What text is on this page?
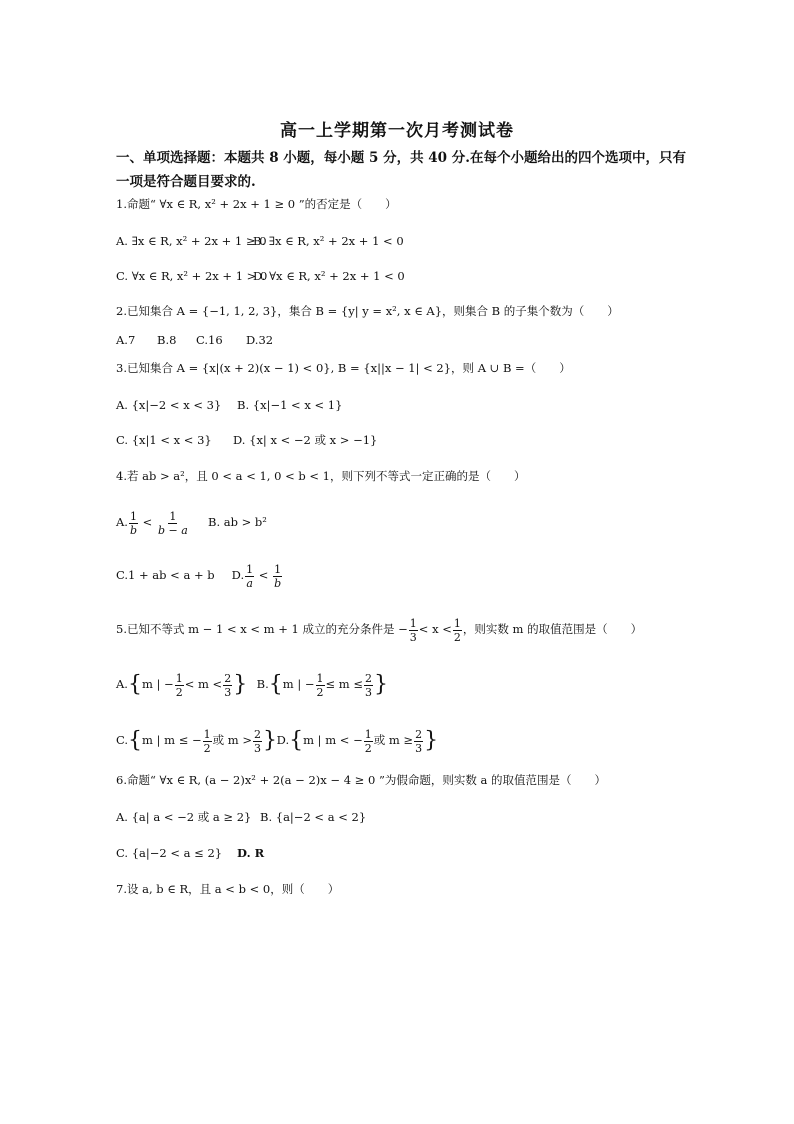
高一上学期第一次月考测试卷
一、单项选择题：本题共 8 小题，每小题 5 分，共 40 分.在每个小题给出的四个选项中，只有
一项是符合题目要求的.
1.命题“ ∀x ∈ R, x² + 2x + 1 ≥ 0 ”的否定是（　　）
A. ∃x ∈ R, x² + 2x + 1 ≥ 0B. ∃x ∈ R, x² + 2x + 1 < 0
C. ∀x ∈ R, x² + 2x + 1 > 0D. ∀x ∈ R, x² + 2x + 1 < 0
2.已知集合 A = {−1, 1, 2, 3}，集合 B = {y| y = x², x ∈ A}，则集合 B 的子集个数为（　　）
A.7 B.8 C.16 D.32
3.已知集合 A = {x|(x + 2)(x − 1) < 0}, B = {x||x − 1| < 2}，则 A ∪ B =（　　）
A. {x|−2 < x < 3} B. {x|−1 < x < 1}
C. {x|1 < x < 3} D. {x| x < −2 或 x > −1}
4.若 ab > a²，且 0 < a < 1, 0 < b < 1，则下列不等式一定正确的是（　　）
A. $\frac{1}{b} < \frac{1}{b - a} B$. ab > b²
C.1 + ab < a + b D. $\frac{1}{a} < \frac{1}{b}$
5.已知不等式 m − 1 < x < m + 1 成立的充分条件是 − $\frac{1}{3} < x < \frac{1}{2}$ ，则实数 m 的取值范围是（　　）
A.{m | − $\frac{1}{2} < m < \frac{2}{3}$ } B.{m | − $\frac{1}{2} \le m \le \frac{2}{3}$ }
C.{m | m ≤ − $\frac{1}{2}$ 或 $m > \frac{2}{3}$ } D.{m | m < − $\frac{1}{2}$ 或 $m \ge \frac{2}{3}$ }
6.命题“ ∀x ∈ R, (a − 2)x² + 2(a − 2)x − 4 ≥ 0 ”为假命题，则实数 a 的取值范围是（　　）
A. {a| a < −2 或 a ≥ 2} B. {a|−2 < a < 2}
C. {a|−2 < a ≤ 2} D. R
7.设 a, b ∈ R，且 a < b < 0，则（　　）
